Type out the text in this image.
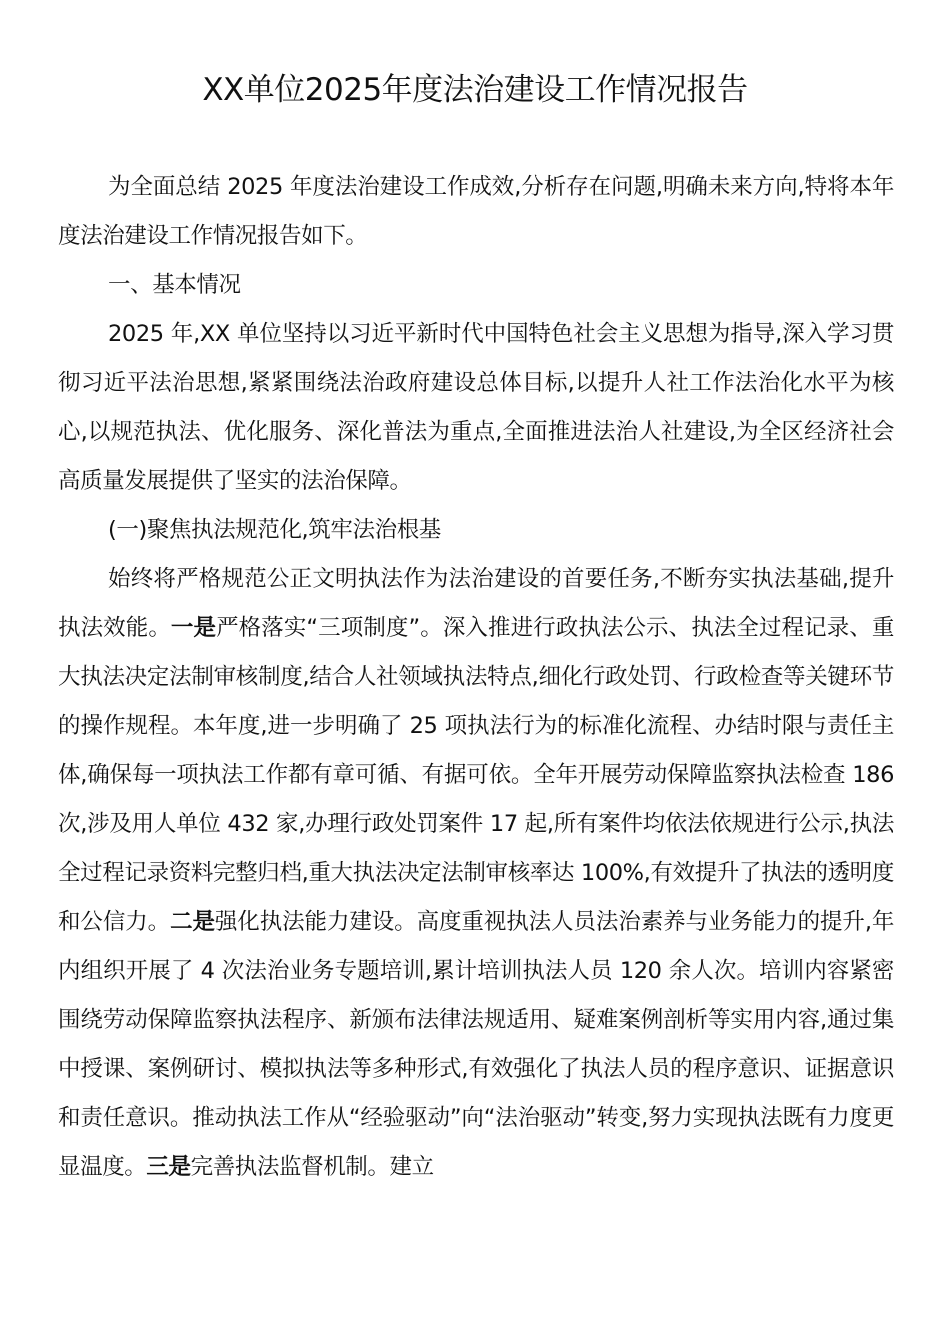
XX单位2025年度法治建设工作情况报告

为全面总结 2025 年度法治建设工作成效,分析存在问题,明确未来方向,特将本年度法治建设工作情况报告如下。

一、基本情况

2025 年,XX 单位坚持以习近平新时代中国特色社会主义思想为指导,深入学习贯彻习近平法治思想,紧紧围绕法治政府建设总体目标,以提升人社工作法治化水平为核心,以规范执法、优化服务、深化普法为重点,全面推进法治人社建设,为全区经济社会高质量发展提供了坚实的法治保障。

(一)聚焦执法规范化,筑牢法治根基

始终将严格规范公正文明执法作为法治建设的首要任务,不断夯实执法基础,提升执法效能。一是严格落实“三项制度”。深入推进行政执法公示、执法全过程记录、重大执法决定法制审核制度,结合人社领域执法特点,细化行政处罚、行政检查等关键环节的操作规程。本年度,进一步明确了 25 项执法行为的标准化流程、办结时限与责任主体,确保每一项执法工作都有章可循、有据可依。全年开展劳动保障监察执法检查 186 次,涉及用人单位 432 家,办理行政处罚案件 17 起,所有案件均依法依规进行公示,执法全过程记录资料完整归档,重大执法决定法制审核率达 100%,有效提升了执法的透明度和公信力。二是强化执法能力建设。高度重视执法人员法治素养与业务能力的提升,年内组织开展了 4 次法治业务专题培训,累计培训执法人员 120 余人次。培训内容紧密围绕劳动保障监察执法程序、新颁布法律法规适用、疑难案例剖析等实用内容,通过集中授课、案例研讨、模拟执法等多种形式,有效强化了执法人员的程序意识、证据意识和责任意识。推动执法工作从“经验驱动”向“法治驱动”转变,努力实现执法既有力度更显温度。三是完善执法监督机制。建立
